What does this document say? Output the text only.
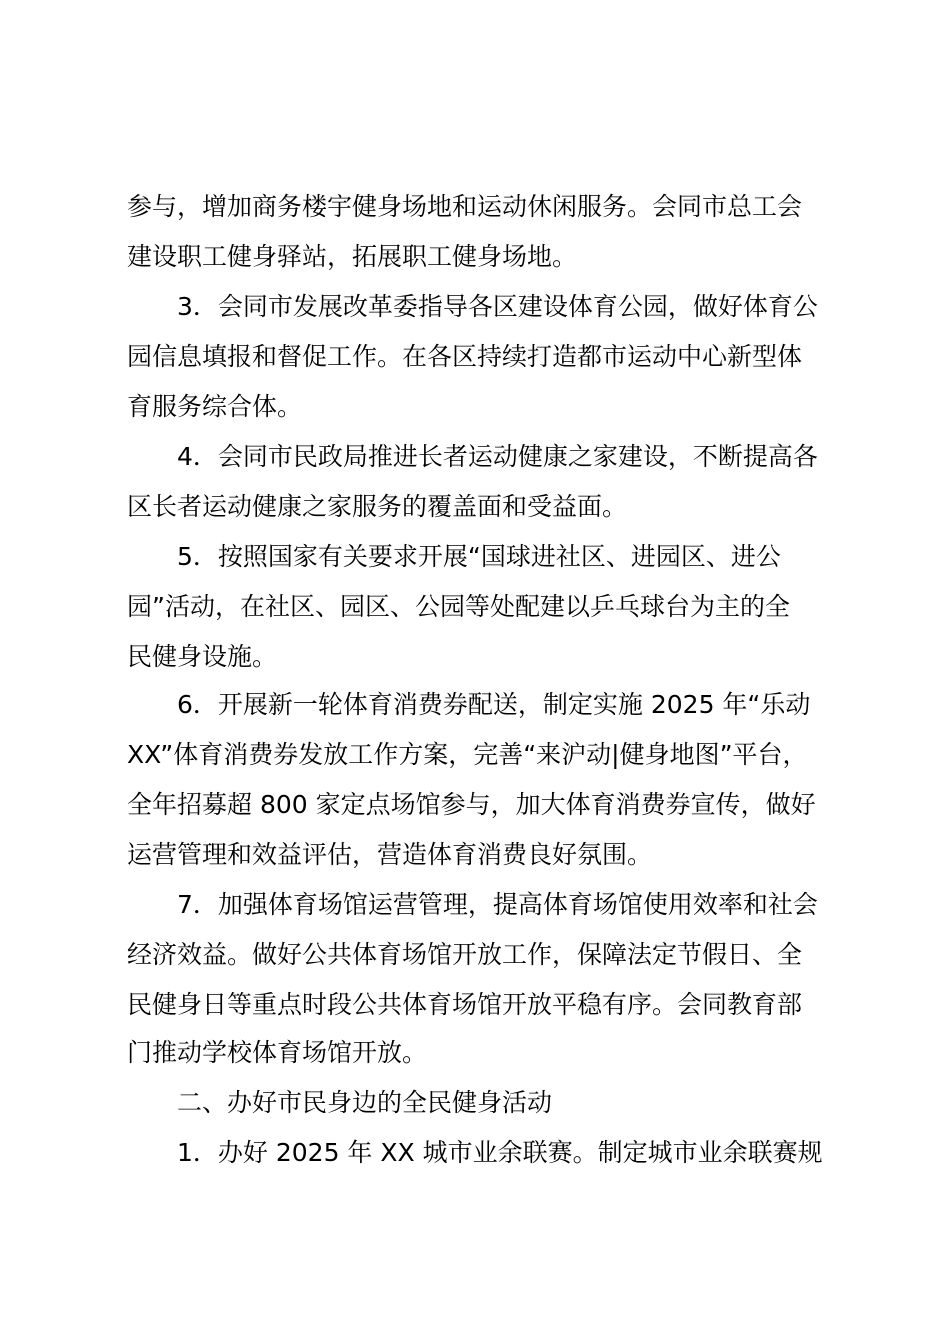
参与，增加商务楼宇健身场地和运动休闲服务。会同市总工会
建设职工健身驿站，拓展职工健身场地。
3．会同市发展改革委指导各区建设体育公园，做好体育公
园信息填报和督促工作。在各区持续打造都市运动中心新型体
育服务综合体。
4．会同市民政局推进长者运动健康之家建设，不断提高各
区长者运动健康之家服务的覆盖面和受益面。
5．按照国家有关要求开展“国球进社区、进园区、进公
园”活动，在社区、园区、公园等处配建以乒乓球台为主的全
民健身设施。
6．开展新一轮体育消费券配送，制定实施 2025 年“乐动
XX”体育消费券发放工作方案，完善“来沪动|健身地图”平台，
全年招募超 800 家定点场馆参与，加大体育消费券宣传，做好
运营管理和效益评估，营造体育消费良好氛围。
7．加强体育场馆运营管理，提高体育场馆使用效率和社会
经济效益。做好公共体育场馆开放工作，保障法定节假日、全
民健身日等重点时段公共体育场馆开放平稳有序。会同教育部
门推动学校体育场馆开放。
二、办好市民身边的全民健身活动
1．办好 2025 年 XX 城市业余联赛。制定城市业余联赛规
